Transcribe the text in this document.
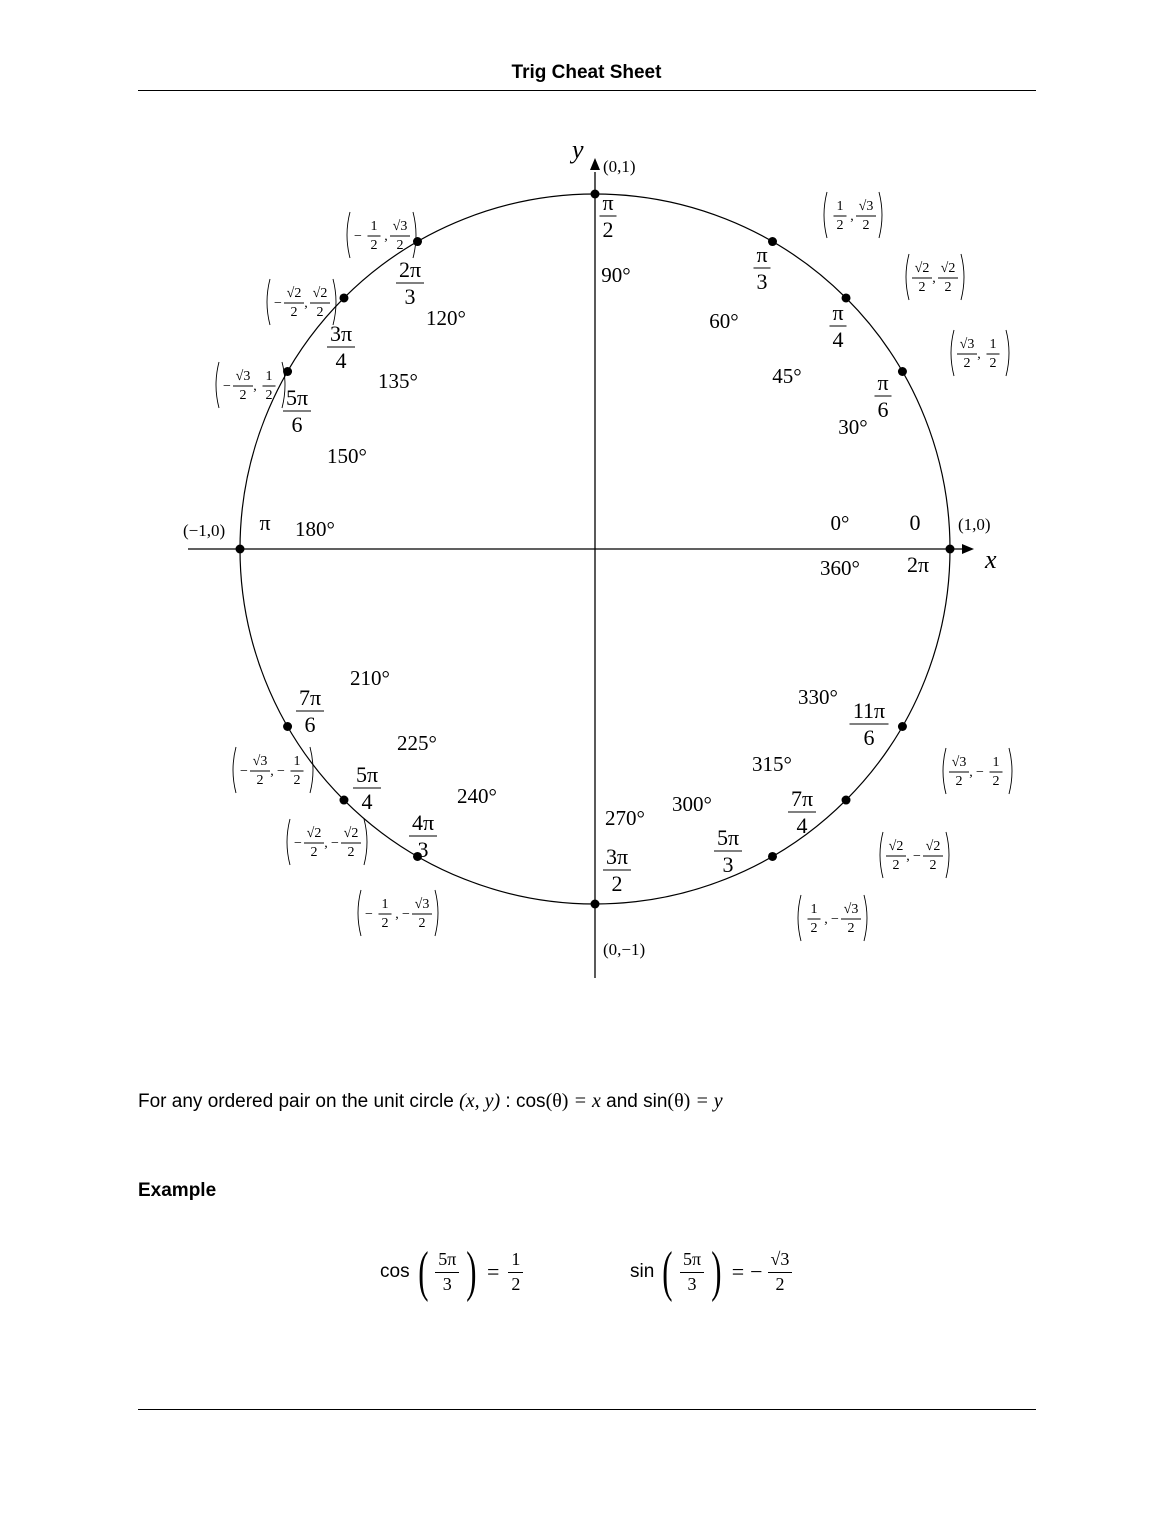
Trig Cheat Sheet
x
y
(1,0)
0
2π
0°
360°
√3
2
,
1
2
π
6
30°
√2
2
,
√2
2
π
4
45°
1
2
,
√3
2
π
3
60°
(0,1)
π
2
90°
−
1
2
,
√3
2
2π
3
120°
−
√2
2
,
√2
2
3π
4
135°
−
√3
2
,
1
2 5π
6
150°
(−1,0) π 180°
−
√3
2
, −
1
2
7π
6
210°
−
√2
2
, −
√2
2
5π
4
225°
−
1
2
, −
√3
2
4π
3
240°
(0,−1)
3π
2
270°
1
2
, −
√3
2
5π
3
300°
√2
2
, −
√2
2
7π
4
315°	√3
2
, −
1
2
11π
6
330°
For any ordered pair on the unit circle (x, y) : cos(θ) = x and sin(θ) = y
Example
cos ( $\frac{5\pi}{3}$ ) = $\frac{1}{2}$	sin ( $\frac{5\pi}{3}$ ) = − $\frac{√3}{2}$
